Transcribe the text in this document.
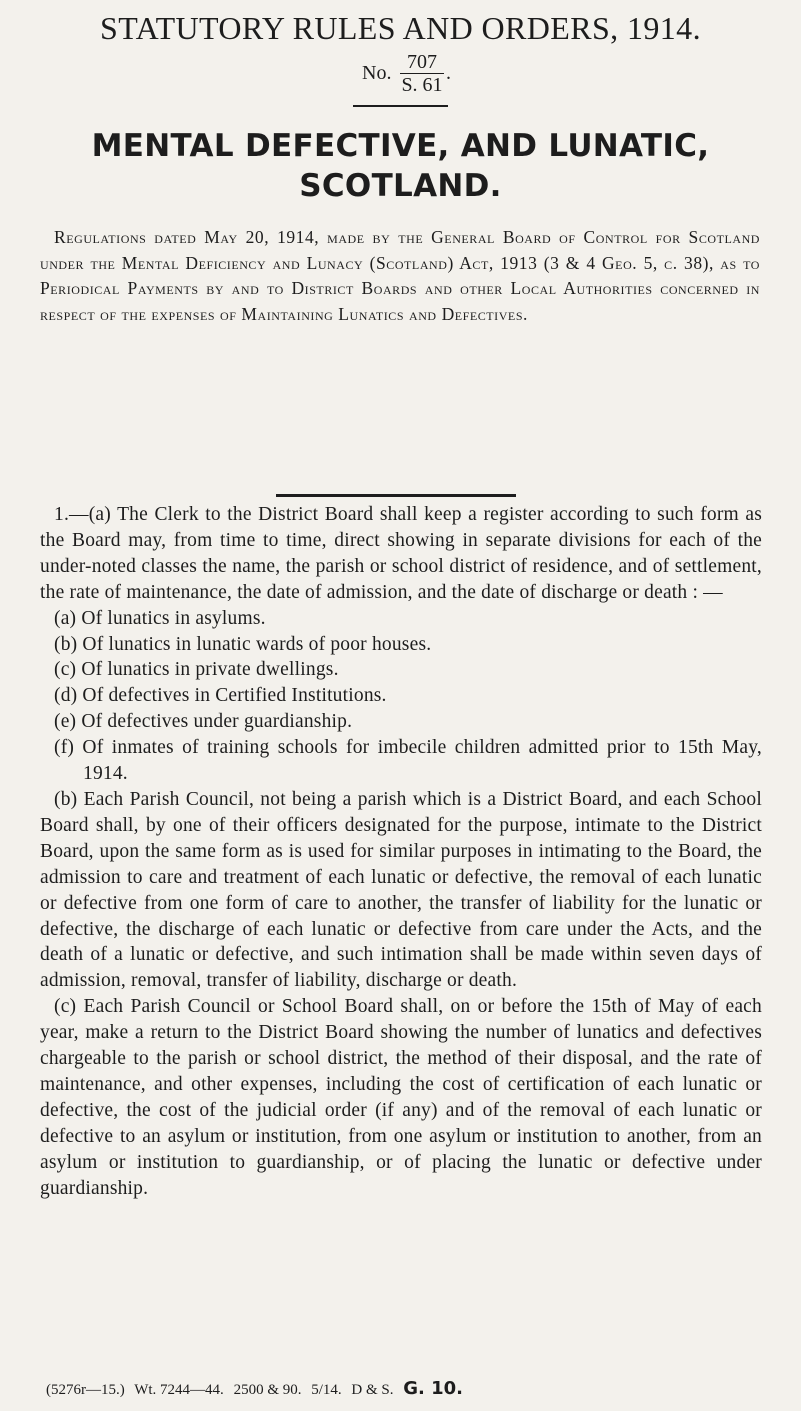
STATUTORY RULES AND ORDERS, 1914.
No. $\frac{707}{S. 61}$ .
MENTAL DEFECTIVE, AND LUNATIC,
SCOTLAND.
Regulations dated May 20, 1914, made by the General Board of Control for Scotland under the Mental Deficiency and Lunacy (Scotland) Act, 1913 (3 & 4 Geo. 5, c. 38), as to Periodical Payments by and to District Boards and other Local Authorities concerned in respect of the expenses of Maintaining Lunatics and Defectives.

1.—(a) The Clerk to the District Board shall keep a register according to such form as the Board may, from time to time, direct showing in separate divisions for each of the under-noted classes the name, the parish or school district of residence, and of settlement, the rate of maintenance, the date of admission, and the date of discharge or death : —

(a) Of lunatics in asylums.

(b) Of lunatics in lunatic wards of poor houses.

(c) Of lunatics in private dwellings.

(d) Of defectives in Certified Institutions.

(e) Of defectives under guardianship.

(f) Of inmates of training schools for imbecile children admitted prior to 15th May, 1914.

(b) Each Parish Council, not being a parish which is a District Board, and each School Board shall, by one of their officers designated for the purpose, intimate to the District Board, upon the same form as is used for similar purposes in intimating to the Board, the admission to care and treatment of each lunatic or defective, the removal of each lunatic or defective from one form of care to another, the transfer of liability for the lunatic or defective, the discharge of each lunatic or defective from care under the Acts, and the death of a lunatic or defective, and such intimation shall be made within seven days of admission, removal, transfer of liability, discharge or death.

(c) Each Parish Council or School Board shall, on or before the 15th of May of each year, make a return to the District Board showing the number of lunatics and defectives chargeable to the parish or school district, the method of their disposal, and the rate of maintenance, and other expenses, including the cost of certification of each lunatic or defective, the cost of the judicial order (if any) and of the removal of each lunatic or defective to an asylum or institution, from one asylum or institution to another, from an asylum or institution to guardianship, or of placing the lunatic or defective under guardianship.

(5276r—15.) Wt. 7244—44. 2500 & 90. 5/14. D & S. G. 10.
